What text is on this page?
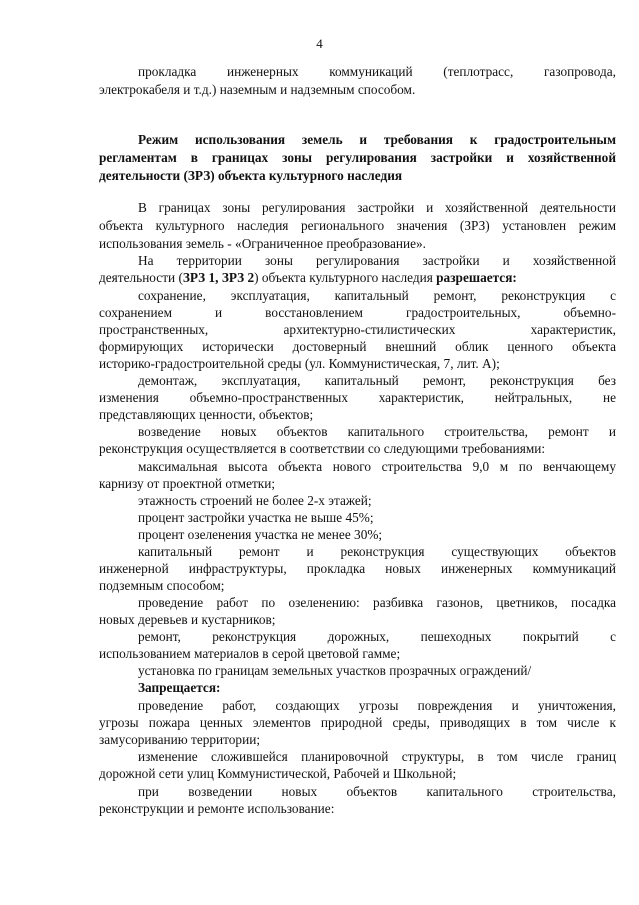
4

прокладка инженерных коммуникаций (теплотрасс, газопровода,

электрокабеля и т.д.) наземным и надземным способом.

Режим использования земель и требования к градостроительным

регламентам в границах зоны регулирования застройки и хозяйственной

деятельности (ЗРЗ) объекта культурного наследия

В границах зоны регулирования застройки и хозяйственной деятельности

объекта культурного наследия регионального значения (ЗРЗ) установлен режим

использования земель - «Ограниченное преобразование».

На территории зоны регулирования застройки и хозяйственной

деятельности (ЗРЗ 1, ЗРЗ 2) объекта культурного наследия разрешается:

сохранение, эксплуатация, капитальный ремонт, реконструкция с

сохранением и восстановлением градостроительных, объемно-

пространственных, архитектурно-стилистических характеристик,

формирующих исторически достоверный внешний облик ценного объекта

историко-градостроительной среды (ул. Коммунистическая, 7, лит. А);

демонтаж, эксплуатация, капитальный ремонт, реконструкция без

изменения объемно-пространственных характеристик, нейтральных, не

представляющих ценности, объектов;

возведение новых объектов капитального строительства, ремонт и

реконструкция осуществляется в соответствии со следующими требованиями:

максимальная высота объекта нового строительства 9,0 м по венчающему

карнизу от проектной отметки;

этажность строений не более 2-х этажей;

процент застройки участка не выше 45%;

процент озеленения участка не менее 30%;

капитальный ремонт и реконструкция существующих объектов

инженерной инфраструктуры, прокладка новых инженерных коммуникаций

подземным способом;

проведение работ по озеленению: разбивка газонов, цветников, посадка

новых деревьев и кустарников;

ремонт, реконструкция дорожных, пешеходных покрытий с

использованием материалов в серой цветовой гамме;

установка по границам земельных участков прозрачных ограждений/

Запрещается:

проведение работ, создающих угрозы повреждения и уничтожения,

угрозы пожара ценных элементов природной среды, приводящих в том числе к

замусориванию территории;

изменение сложившейся планировочной структуры, в том числе границ

дорожной сети улиц Коммунистической, Рабочей и Школьной;

при возведении новых объектов капитального строительства,

реконструкции и ремонте использование:
